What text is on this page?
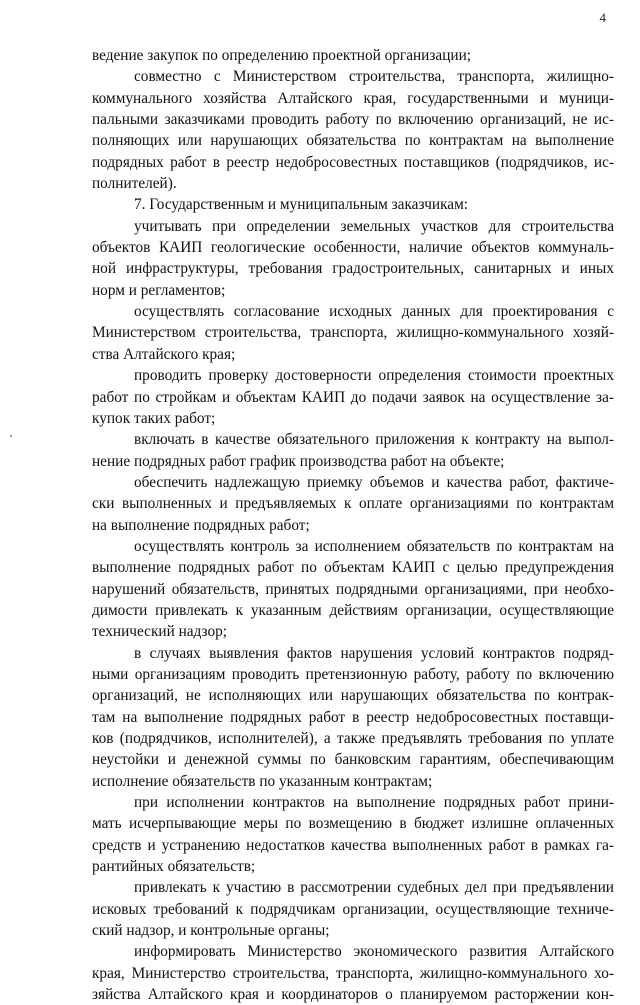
4
ведение закупок по определению проектной организации;
совместно с Министерством строительства, транспорта, жилищно-
коммунального хозяйства Алтайского края, государственными и муници-
пальными заказчиками проводить работу по включению организаций, не ис-
полняющих или нарушающих обязательства по контрактам на выполнение
подрядных работ в реестр недобросовестных поставщиков (подрядчиков, ис-
полнителей).
7. Государственным и муниципальным заказчикам:
учитывать при определении земельных участков для строительства
объектов КАИП геологические особенности, наличие объектов коммуналь-
ной инфраструктуры, требования градостроительных, санитарных и иных
норм и регламентов;
осуществлять согласование исходных данных для проектирования с
Министерством строительства, транспорта, жилищно-коммунального хозяй-
ства Алтайского края;
проводить проверку достоверности определения стоимости проектных
работ по стройкам и объектам КАИП до подачи заявок на осуществление за-
купок таких работ;
включать в качестве обязательного приложения к контракту на выпол-
нение подрядных работ график производства работ на объекте;
обеспечить надлежащую приемку объемов и качества работ, фактиче-
ски выполненных и предъявляемых к оплате организациями по контрактам
на выполнение подрядных работ;
осуществлять контроль за исполнением обязательств по контрактам на
выполнение подрядных работ по объектам КАИП с целью предупреждения
нарушений обязательств, принятых подрядными организациями, при необхо-
димости привлекать к указанным действиям организации, осуществляющие
технический надзор;
в случаях выявления фактов нарушения условий контрактов подряд-
ными организациям проводить претензионную работу, работу по включению
организаций, не исполняющих или нарушающих обязательства по контрак-
там на выполнение подрядных работ в реестр недобросовестных поставщи-
ков (подрядчиков, исполнителей), а также предъявлять требования по уплате
неустойки и денежной суммы по банковским гарантиям, обеспечивающим
исполнение обязательств по указанным контрактам;
при исполнении контрактов на выполнение подрядных работ прини-
мать исчерпывающие меры по возмещению в бюджет излишне оплаченных
средств и устранению недостатков качества выполненных работ в рамках га-
рантийных обязательств;
привлекать к участию в рассмотрении судебных дел при предъявлении
исковых требований к подрядчикам организации, осуществляющие техниче-
ский надзор, и контрольные органы;
информировать Министерство экономического развития Алтайского
края, Министерство строительства, транспорта, жилищно-коммунального хо-
зяйства Алтайского края и координаторов о планируемом расторжении кон-
